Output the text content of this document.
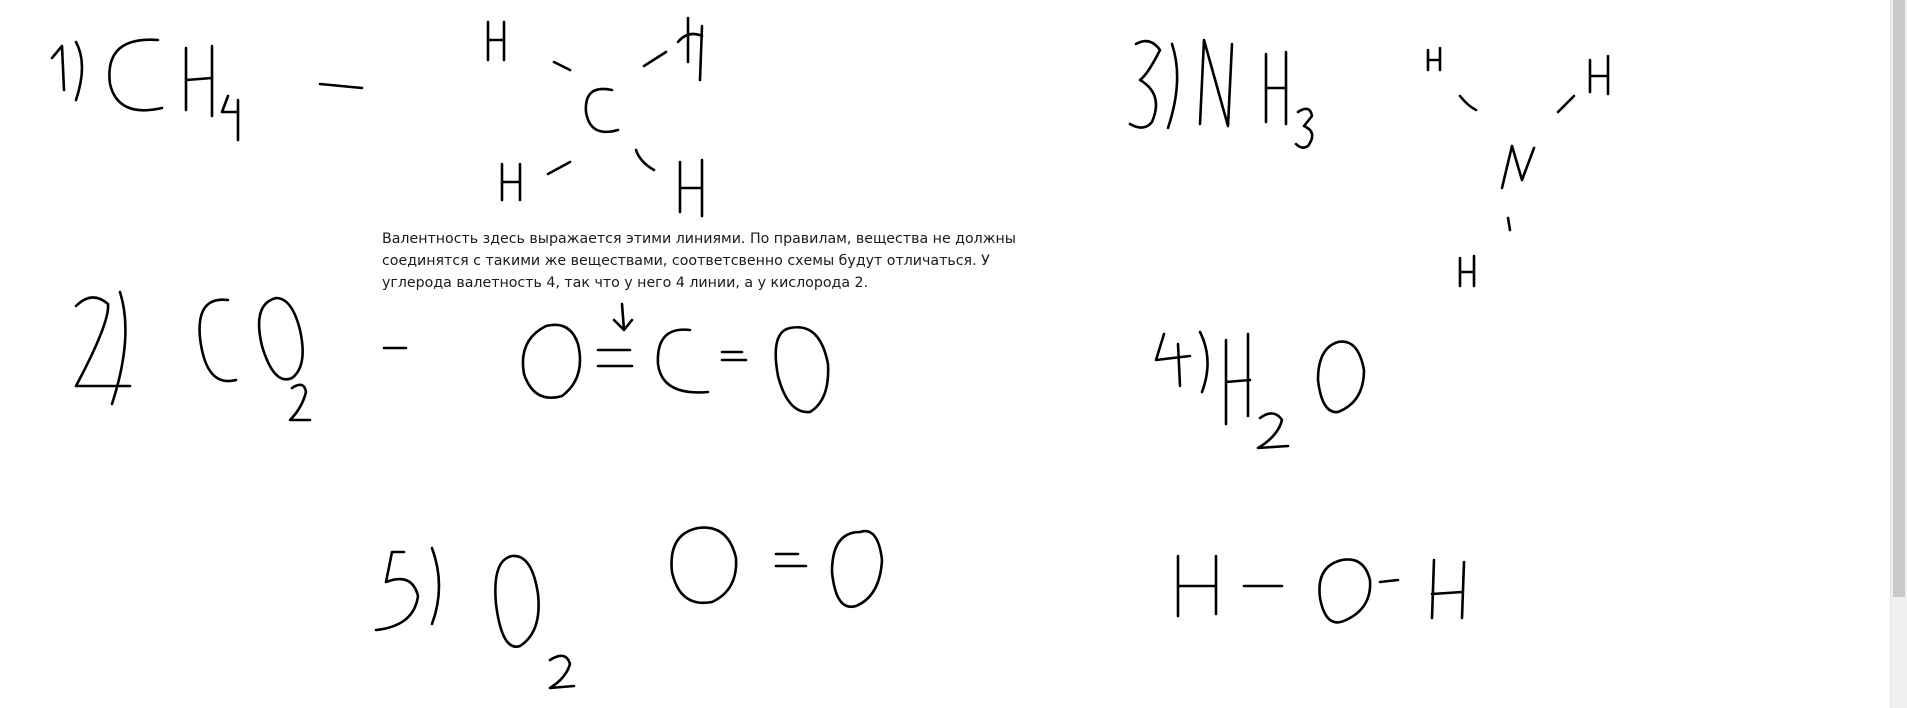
Валентность здесь выражается этими линиями. По правилам, вещества не должны соединятся с такими же веществами, соответсвенно схемы будут отличаться. У углерода валетность 4, так что у него 4 линии, а у кислорода 2.
